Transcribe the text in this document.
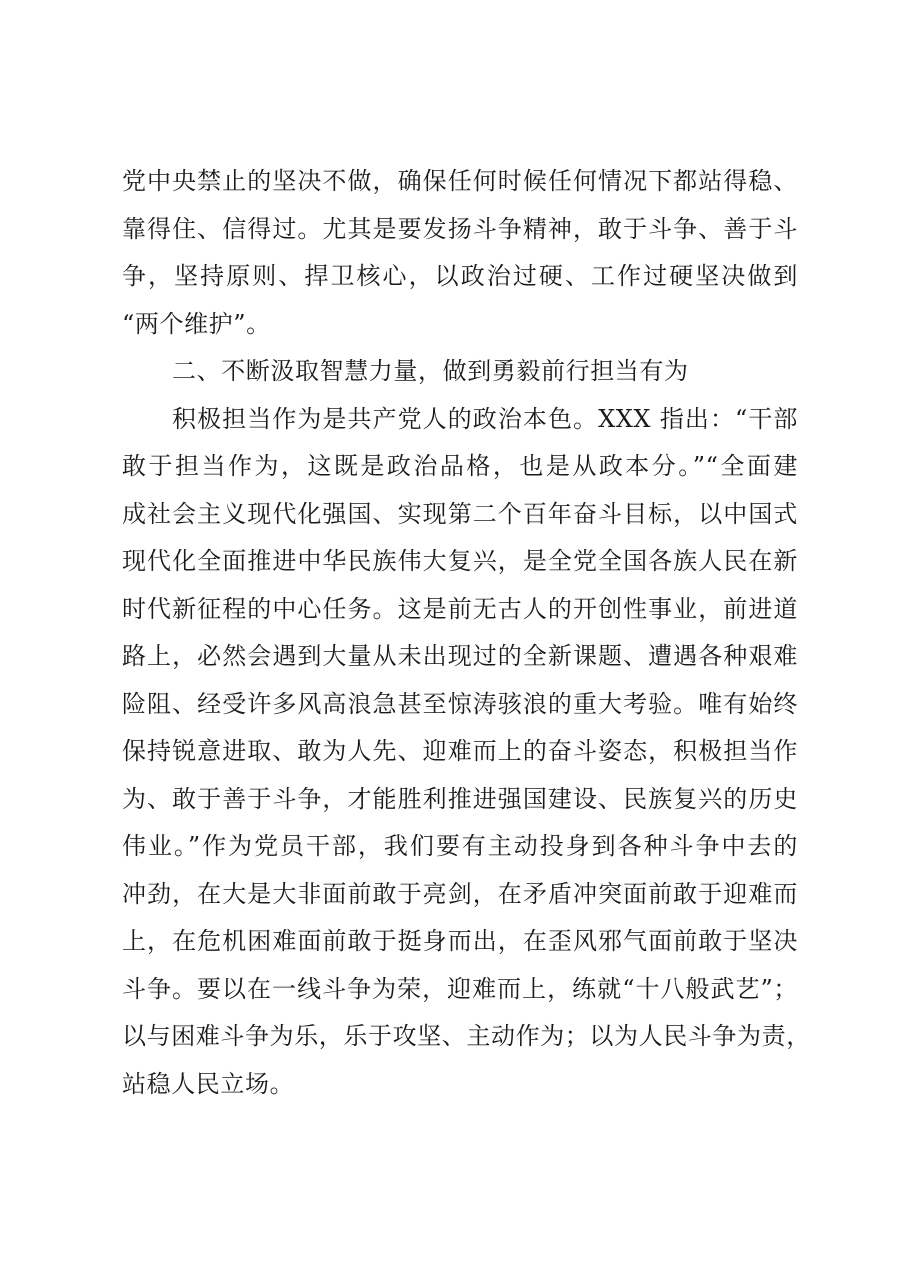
党中央禁止的坚决不做，确保任何时候任何情况下都站得稳、
靠得住、信得过。尤其是要发扬斗争精神，敢于斗争、善于斗
争，坚持原则、捍卫核心，以政治过硬、工作过硬坚决做到
“两个维护”。
二、不断汲取智慧力量，做到勇毅前行担当有为
积极担当作为是共产党人的政治本色。XXX 指出：“干部
敢于担当作为，这既是政治品格，也是从政本分。”“全面建
成社会主义现代化强国、实现第二个百年奋斗目标，以中国式
现代化全面推进中华民族伟大复兴，是全党全国各族人民在新
时代新征程的中心任务。这是前无古人的开创性事业，前进道
路上，必然会遇到大量从未出现过的全新课题、遭遇各种艰难
险阻、经受许多风高浪急甚至惊涛骇浪的重大考验。唯有始终
保持锐意进取、敢为人先、迎难而上的奋斗姿态，积极担当作
为、敢于善于斗争，才能胜利推进强国建设、民族复兴的历史
伟业。”作为党员干部，我们要有主动投身到各种斗争中去的
冲劲，在大是大非面前敢于亮剑，在矛盾冲突面前敢于迎难而
上，在危机困难面前敢于挺身而出，在歪风邪气面前敢于坚决
斗争。要以在一线斗争为荣，迎难而上，练就“十八般武艺”；
以与困难斗争为乐，乐于攻坚、主动作为；以为人民斗争为责，
站稳人民立场。
